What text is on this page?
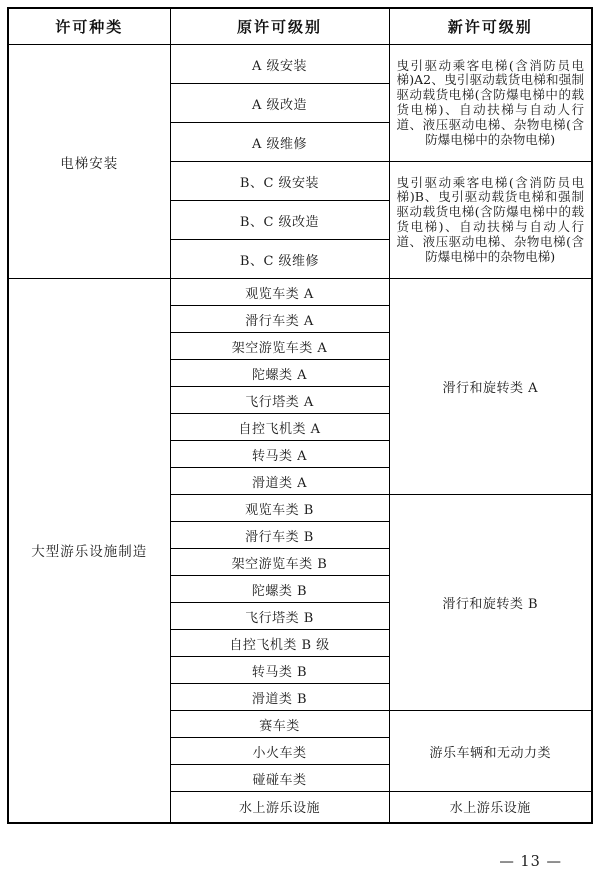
许可种类	原许可级别	新许可级别
电梯安装	A 级安装	曳引驱动乘客电梯(含消防员电梯)A2、曳引驱动载货电梯和强制驱动载货电梯(含防爆电梯中的载货电梯)、自动扶梯与自动人行道、液压驱动电梯、杂物电梯(含防爆电梯中的杂物电梯)
	A 级改造	
	A 级维修	
	B、C 级安装	曳引驱动乘客电梯(含消防员电梯)B、曳引驱动载货电梯和强制驱动载货电梯(含防爆电梯中的载货电梯)、自动扶梯与自动人行道、液压驱动电梯、杂物电梯(含防爆电梯中的杂物电梯)
	B、C 级改造	
	B、C 级维修	
大型游乐设施制造	观览车类 A	滑行和旋转类 A
	滑行车类 A	
	架空游览车类 A	
	陀螺类 A	
	飞行塔类 A	
	自控飞机类 A	
	转马类 A	
	滑道类 A	
	观览车类 B	滑行和旋转类 B
	滑行车类 B	
	架空游览车类 B	
	陀螺类 B	
	飞行塔类 B	
	自控飞机类 B 级	
	转马类 B	
	滑道类 B	
	赛车类	游乐车辆和无动力类
	小火车类	
	碰碰车类	
	水上游乐设施	水上游乐设施
— 13 —
